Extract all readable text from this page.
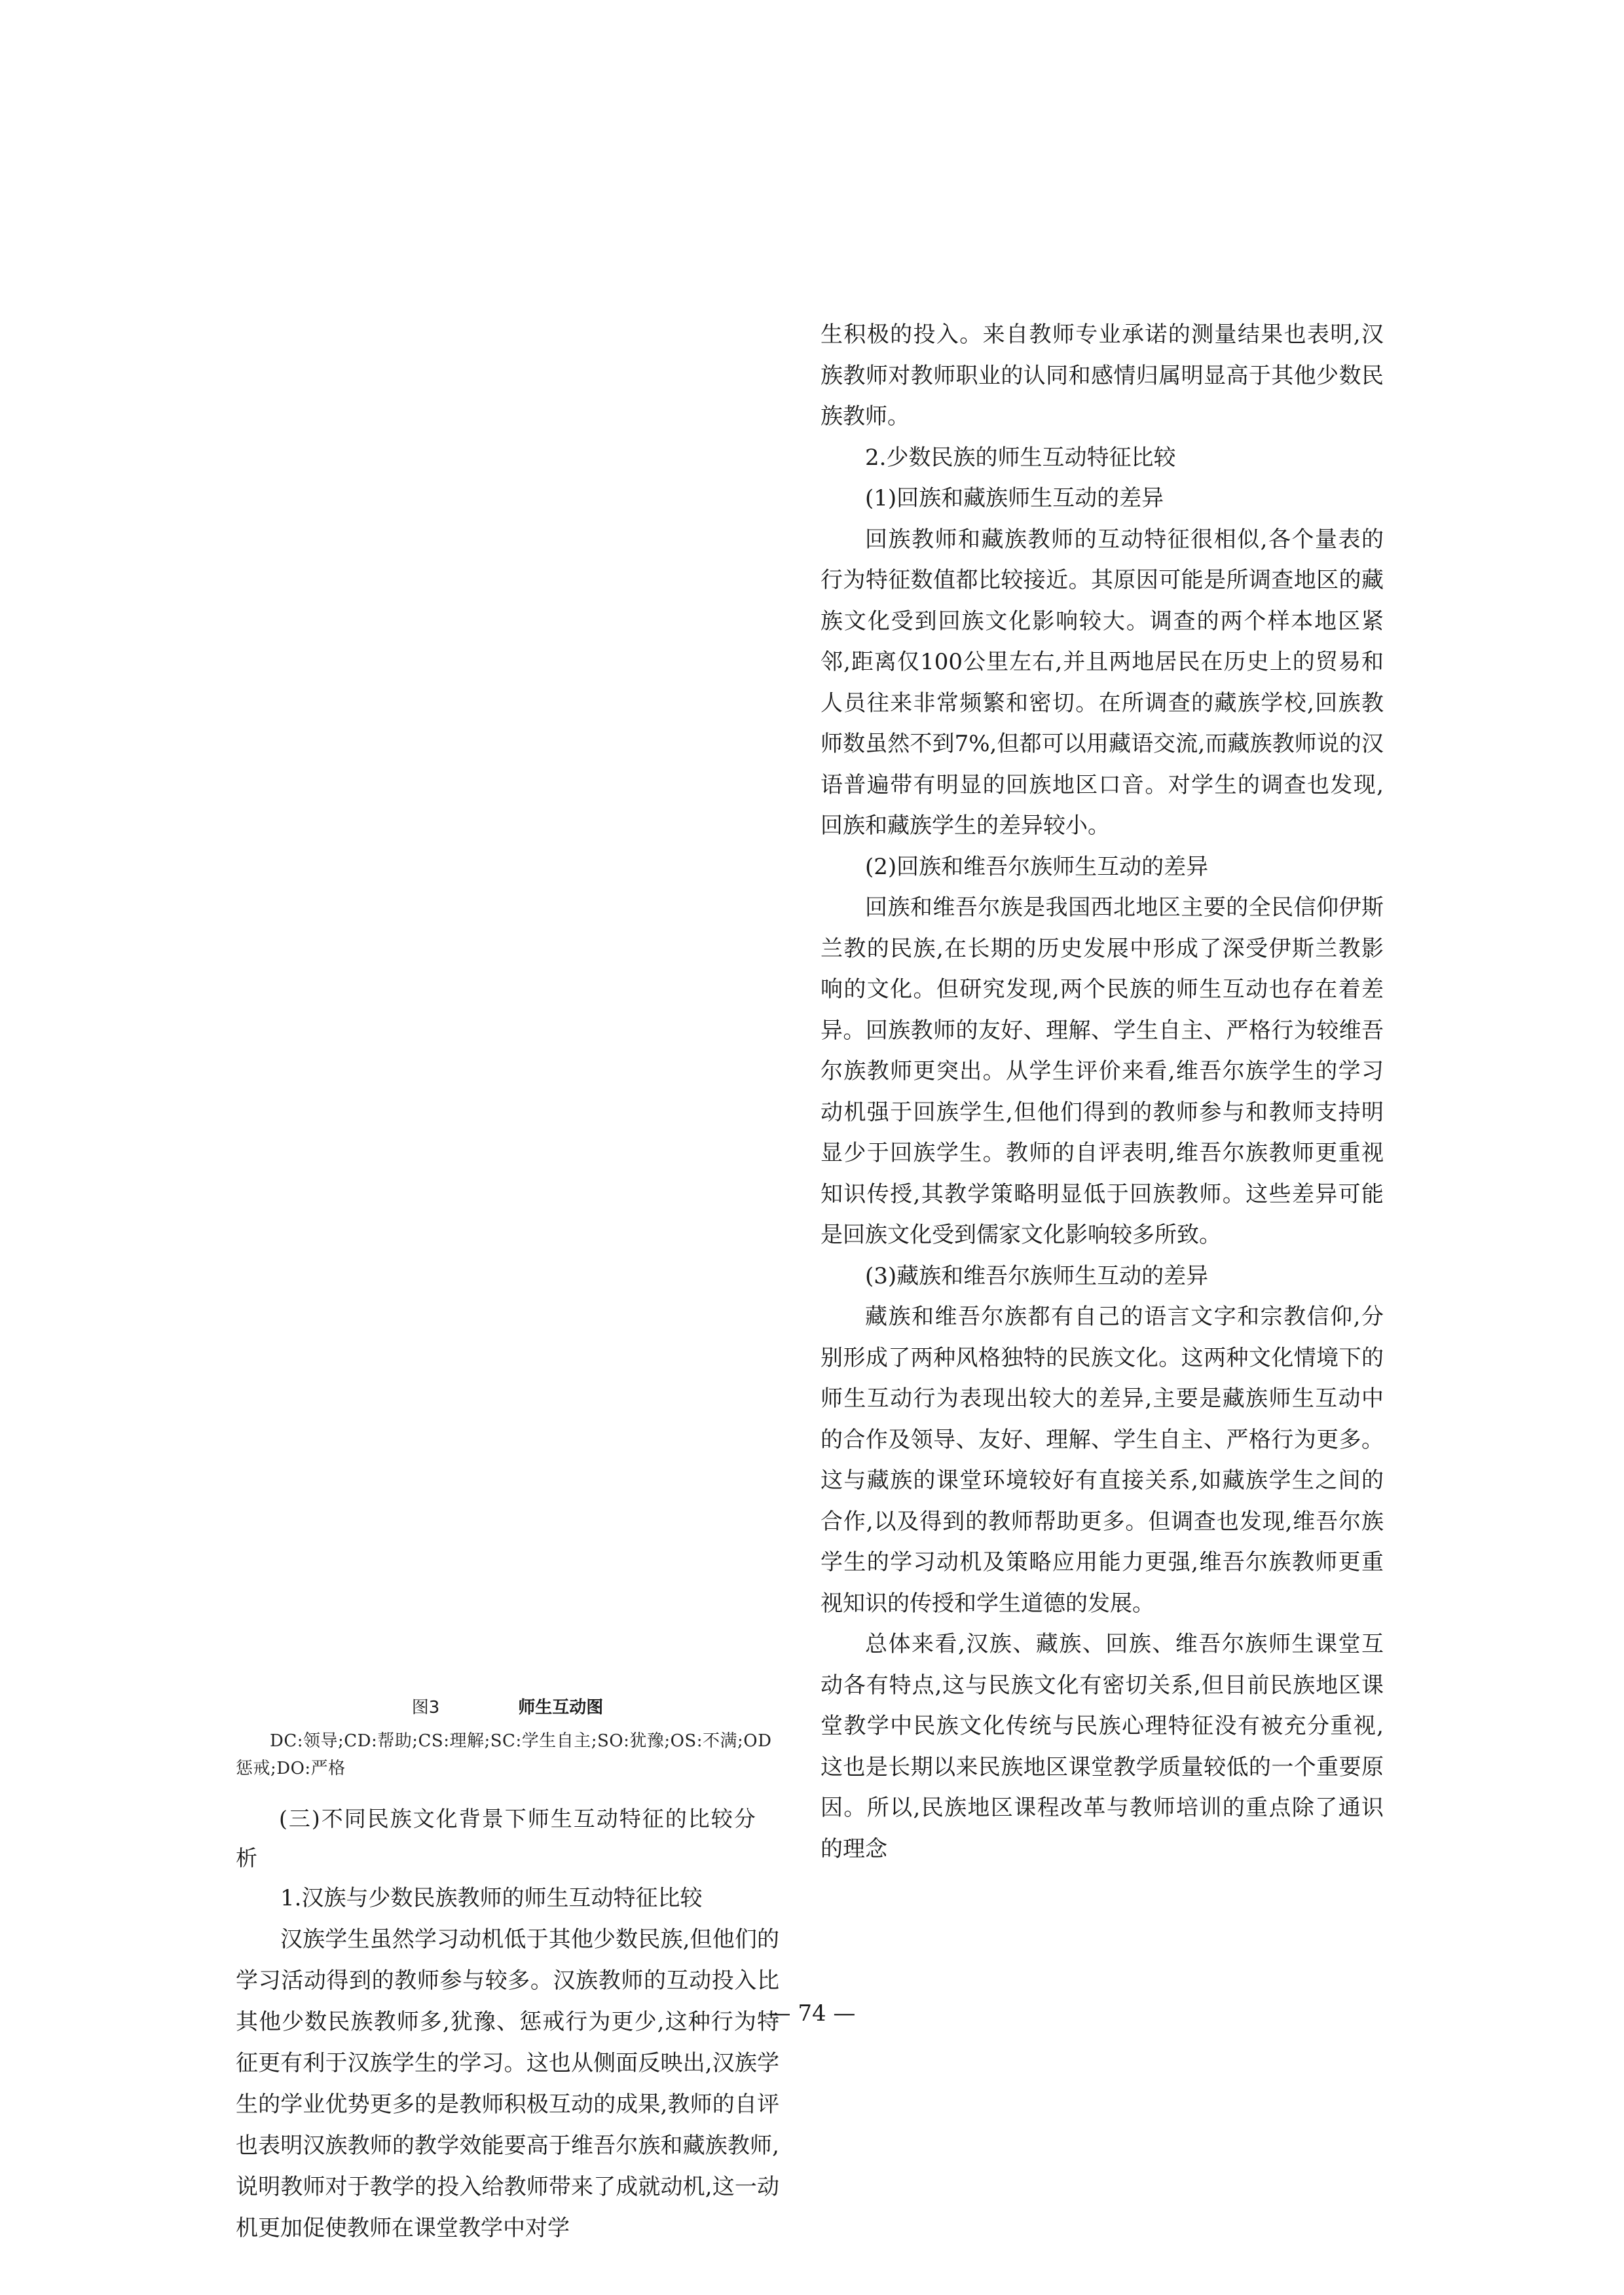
图3	师生互动图

DC:领导;CD:帮助;CS:理解;SC:学生自主;SO:犹豫;OS:不满;OD惩戒;DO:严格

(三)不同民族文化背景下师生互动特征的比较分析

1.汉族与少数民族教师的师生互动特征比较

汉族学生虽然学习动机低于其他少数民族,但他们的学习活动得到的教师参与较多。汉族教师的互动投入比其他少数民族教师多,犹豫、惩戒行为更少,这种行为特征更有利于汉族学生的学习。这也从侧面反映出,汉族学生的学业优势更多的是教师积极互动的成果,教师的自评也表明汉族教师的教学效能要高于维吾尔族和藏族教师,说明教师对于教学的投入给教师带来了成就动机,这一动机更加促使教师在课堂教学中对学

生积极的投入。来自教师专业承诺的测量结果也表明,汉族教师对教师职业的认同和感情归属明显高于其他少数民族教师。

2.少数民族的师生互动特征比较

(1)回族和藏族师生互动的差异

回族教师和藏族教师的互动特征很相似,各个量表的行为特征数值都比较接近。其原因可能是所调查地区的藏族文化受到回族文化影响较大。调查的两个样本地区紧邻,距离仅100公里左右,并且两地居民在历史上的贸易和人员往来非常频繁和密切。在所调查的藏族学校,回族教师数虽然不到7%,但都可以用藏语交流,而藏族教师说的汉语普遍带有明显的回族地区口音。对学生的调查也发现,回族和藏族学生的差异较小。

(2)回族和维吾尔族师生互动的差异

回族和维吾尔族是我国西北地区主要的全民信仰伊斯兰教的民族,在长期的历史发展中形成了深受伊斯兰教影响的文化。但研究发现,两个民族的师生互动也存在着差异。回族教师的友好、理解、学生自主、严格行为较维吾尔族教师更突出。从学生评价来看,维吾尔族学生的学习动机强于回族学生,但他们得到的教师参与和教师支持明显少于回族学生。教师的自评表明,维吾尔族教师更重视知识传授,其教学策略明显低于回族教师。这些差异可能是回族文化受到儒家文化影响较多所致。

(3)藏族和维吾尔族师生互动的差异

藏族和维吾尔族都有自己的语言文字和宗教信仰,分别形成了两种风格独特的民族文化。这两种文化情境下的师生互动行为表现出较大的差异,主要是藏族师生互动中的合作及领导、友好、理解、学生自主、严格行为更多。这与藏族的课堂环境较好有直接关系,如藏族学生之间的合作,以及得到的教师帮助更多。但调查也发现,维吾尔族学生的学习动机及策略应用能力更强,维吾尔族教师更重视知识的传授和学生道德的发展。

总体来看,汉族、藏族、回族、维吾尔族师生课堂互动各有特点,这与民族文化有密切关系,但目前民族地区课堂教学中民族文化传统与民族心理特征没有被充分重视,这也是长期以来民族地区课堂教学质量较低的一个重要原因。所以,民族地区课程改革与教师培训的重点除了通识的理念

— 74 —
